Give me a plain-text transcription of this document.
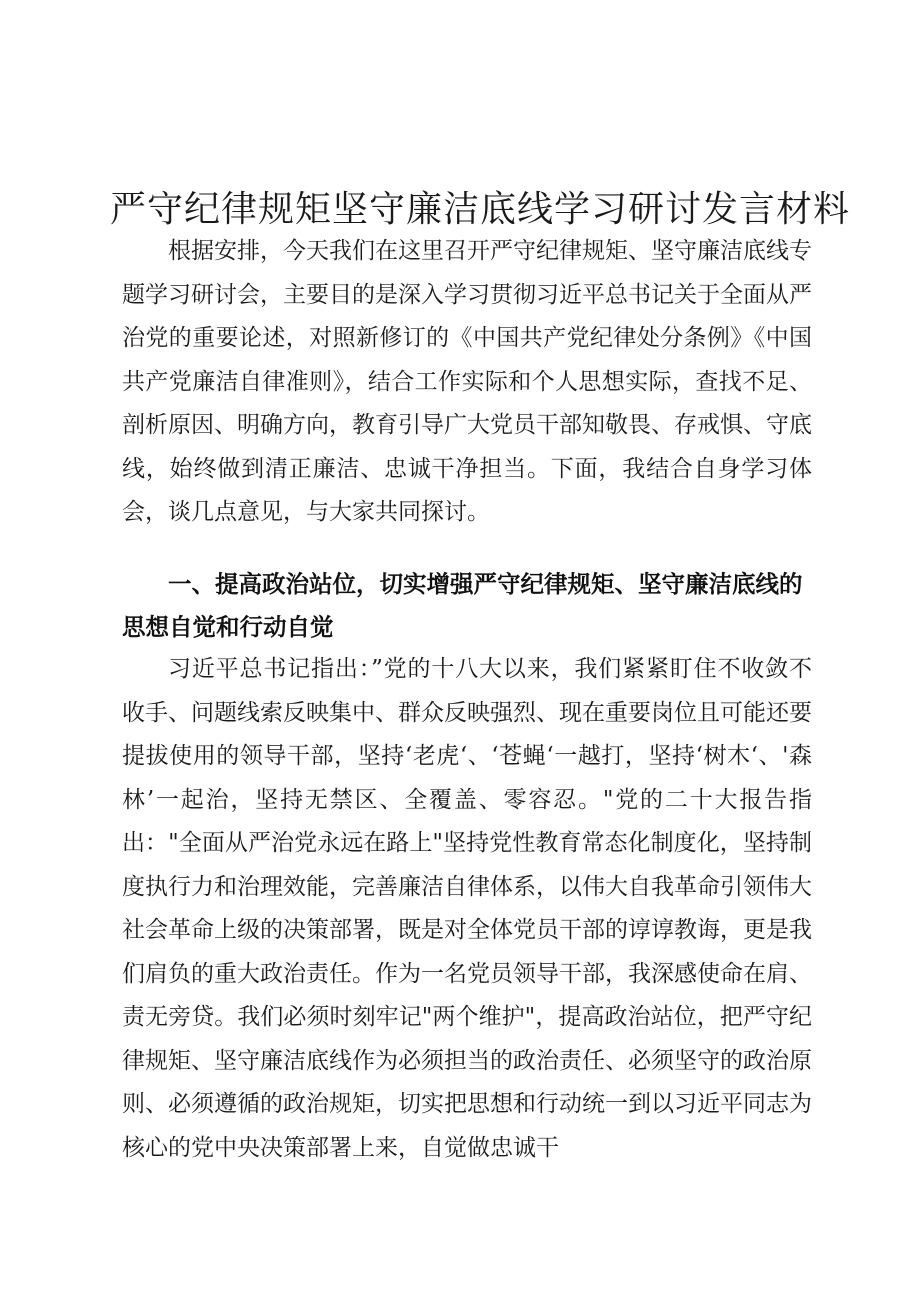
严守纪律规矩坚守廉洁底线学习研讨发言材料

根据安排，今天我们在这里召开严守纪律规矩、坚守廉洁底线专题学习研讨会，主要目的是深入学习贯彻习近平总书记关于全面从严治党的重要论述，对照新修订的《中国共产党纪律处分条例》《中国共产党廉洁自律准则》，结合工作实际和个人思想实际，查找不足、剖析原因、明确方向，教育引导广大党员干部知敬畏、存戒惧、守底线，始终做到清正廉洁、忠诚干净担当。下面，我结合自身学习体会，谈几点意见，与大家共同探讨。

一、提高政治站位，切实增强严守纪律规矩、坚守廉洁底线的思想自觉和行动自觉

习近平总书记指出：”党的十八大以来，我们紧紧盯住不收敛不收手、问题线索反映集中、群众反映强烈、现在重要岗位且可能还要提拔使用的领导干部，坚持‘老虎‘、‘苍蝇‘一越打，坚持‘树木‘、'森林’一起治，坚持无禁区、全覆盖、零容忍。"党的二十大报告指出："全面从严治党永远在路上"坚持党性教育常态化制度化，坚持制度执行力和治理效能，完善廉洁自律体系，以伟大自我革命引领伟大社会革命上级的决策部署，既是对全体党员干部的谆谆教诲，更是我们肩负的重大政治责任。作为一名党员领导干部，我深感使命在肩、责无旁贷。我们必须时刻牢记"两个维护"，提高政治站位，把严守纪律规矩、坚守廉洁底线作为必须担当的政治责任、必须坚守的政治原则、必须遵循的政治规矩，切实把思想和行动统一到以习近平同志为核心的党中央决策部署上来，自觉做忠诚干
